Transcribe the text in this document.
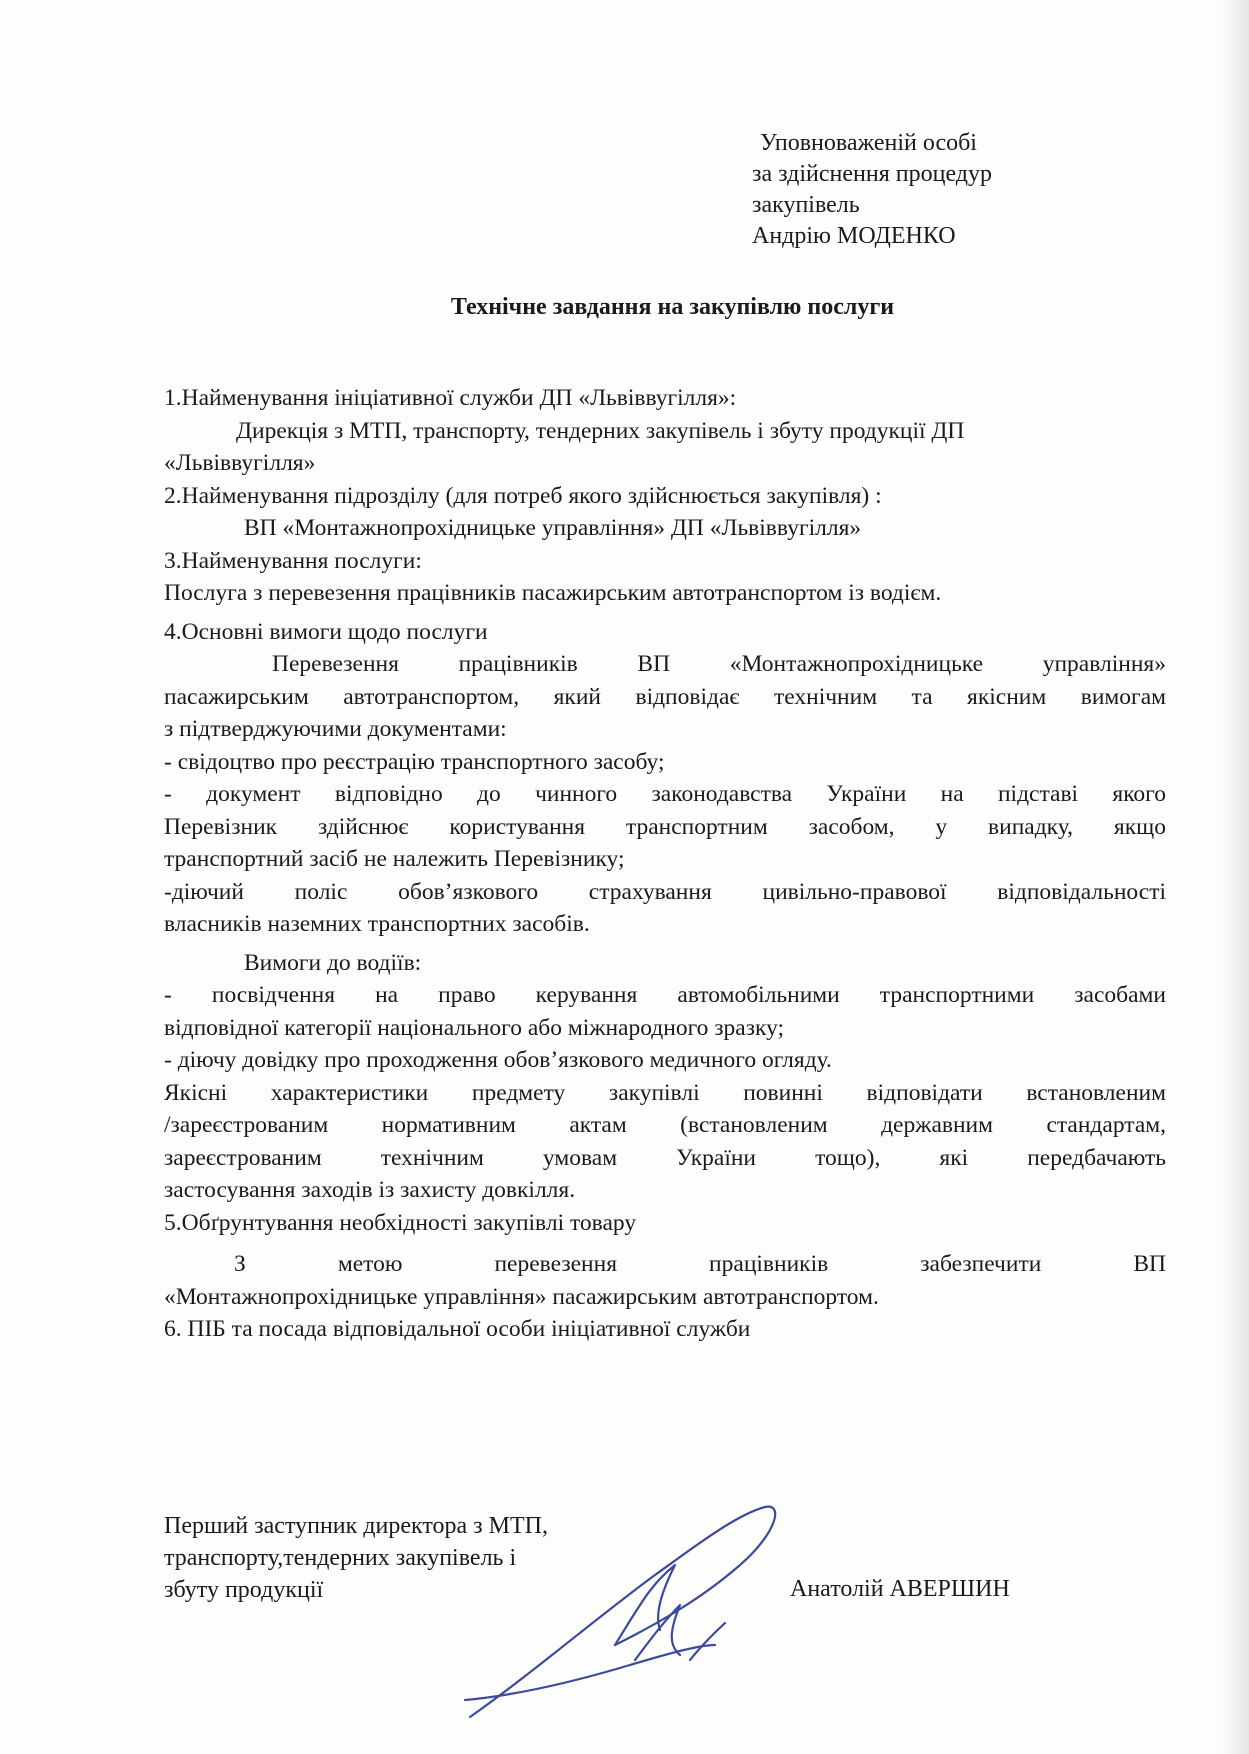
Уповноваженій особі
за здійснення процедур
закупівель
Андрію МОДЕНКО
Технічне завдання на закупівлю послуги
1.Найменування ініціативної служби ДП «Львіввугілля»:
Дирекція з МТП, транспорту, тендерних закупівель і збуту продукції ДП
«Львіввугілля»
2.Найменування підрозділу (для потреб якого здійснюється закупівля) :
ВП «Монтажнопрохідницьке управління» ДП «Львіввугілля»
3.Найменування послуги:
Послуга з перевезення працівників пасажирським автотранспортом із водієм.
4.Основні вимоги щодо послуги
Перевезення працівників ВП «Монтажнопрохідницьке управління»
пасажирським автотранспортом, який відповідає технічним та якісним вимогам
з підтверджуючими документами:
- свідоцтво про реєстрацію транспортного засобу;
- документ відповідно до чинного законодавства України на підставі якого
Перевізник здійснює користування транспортним засобом, у випадку, якщо
транспортний засіб не належить Перевізнику;
-діючий поліс обов’язкового страхування цивільно-правової відповідальності
власників наземних транспортних засобів.
Вимоги до водіїв:
- посвідчення на право керування автомобільними транспортними засобами
відповідної категорії національного або міжнародного зразку;
- діючу довідку про проходження обов’язкового медичного огляду.
Якісні характеристики предмету закупівлі повинні відповідати встановленим
/зареєстрованим нормативним актам (встановленим державним стандартам,
зареєстрованим технічним умовам України тощо), які передбачають
застосування заходів із захисту довкілля.
5.Обґрунтування необхідності закупівлі товару
З метою перевезення працівників забезпечити ВП
«Монтажнопрохідницьке управління» пасажирським автотранспортом.
6. ПІБ та посада відповідальної особи ініціативної служби
Перший заступник директора з МТП,
транспорту,тендерних закупівель і
збуту продукції	Анатолій АВЕРШИН
